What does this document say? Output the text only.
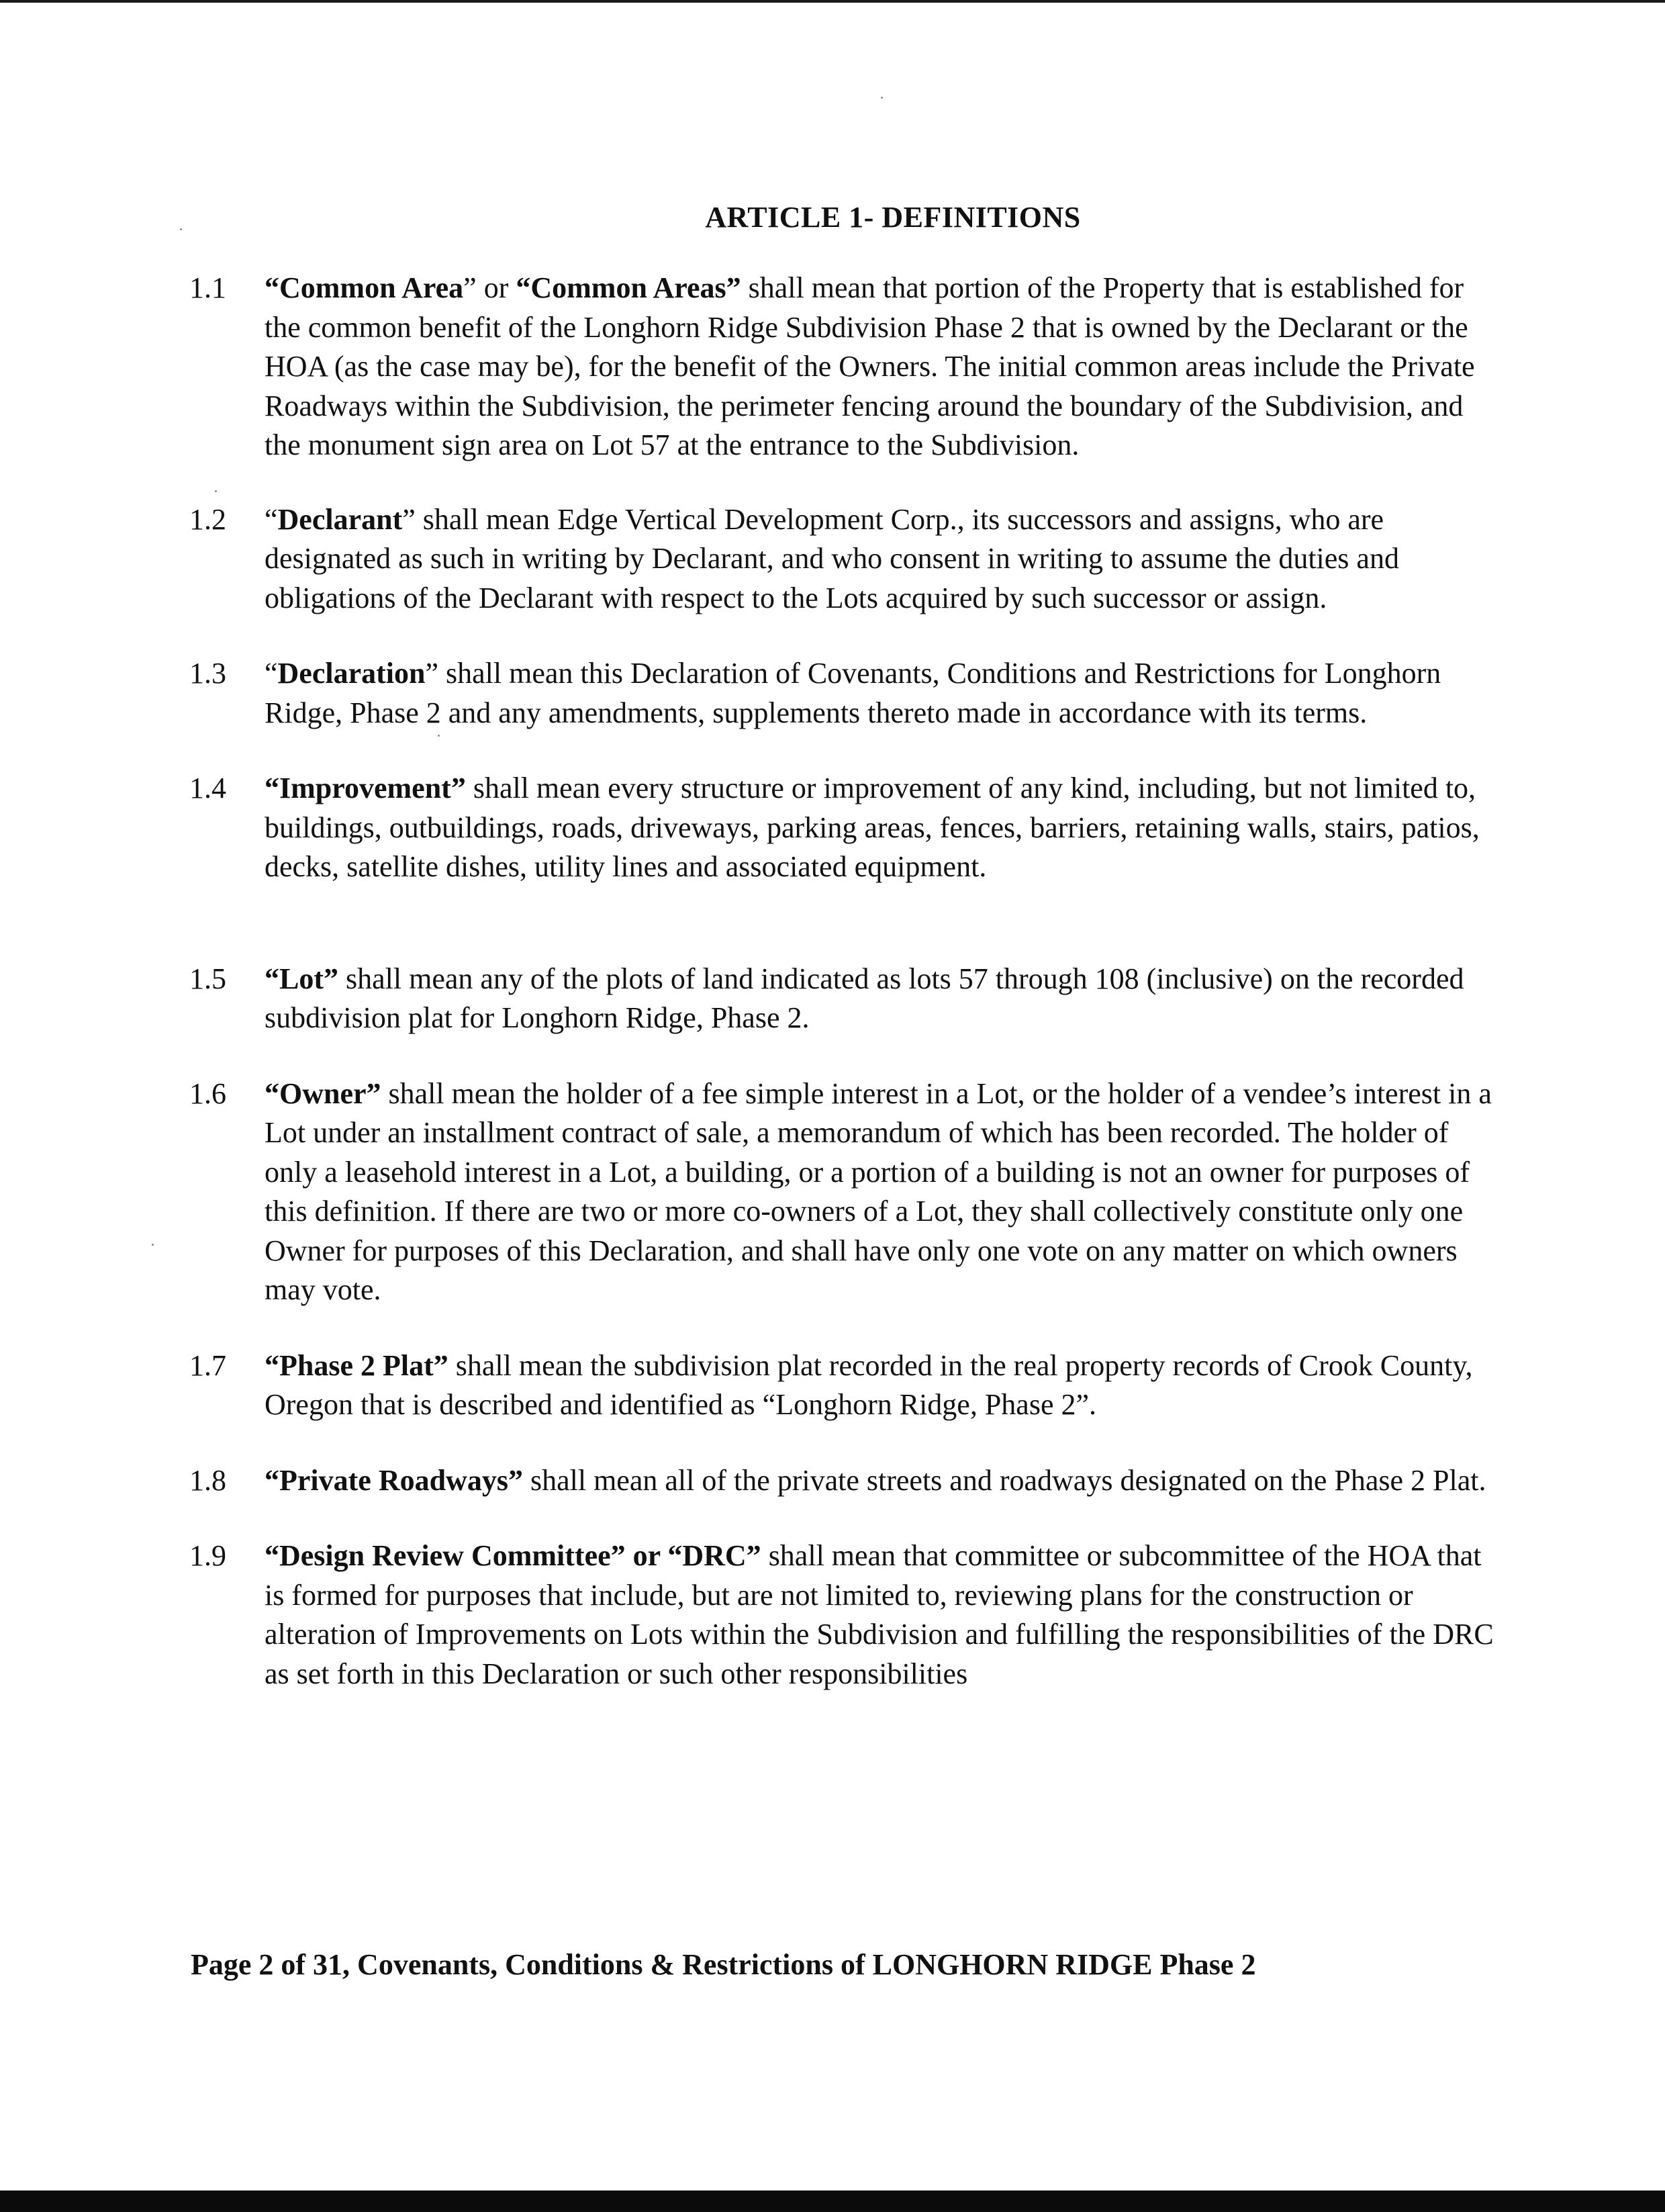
ARTICLE 1- DEFINITIONS
1.1	“Common Area” or “Common Areas” shall mean that portion of the Property that is established for the common benefit of the Longhorn Ridge Subdivision Phase 2 that is owned by the Declarant or the HOA (as the case may be), for the benefit of the Owners. The initial common areas include the Private Roadways within the Subdivision, the perimeter fencing around the boundary of the Subdivision, and the monument sign area on Lot 57 at the entrance to the Subdivision.
1.2	“Declarant” shall mean Edge Vertical Development Corp., its successors and assigns, who are designated as such in writing by Declarant, and who consent in writing to assume the duties and obligations of the Declarant with respect to the Lots acquired by such successor or assign.
1.3	“Declaration” shall mean this Declaration of Covenants, Conditions and Restrictions for Longhorn Ridge, Phase 2 and any amendments, supplements thereto made in accordance with its terms.
1.4	“Improvement” shall mean every structure or improvement of any kind, including, but not limited to, buildings, outbuildings, roads, driveways, parking areas, fences, barriers, retaining walls, stairs, patios, decks, satellite dishes, utility lines and associated equipment.
1.5	“Lot” shall mean any of the plots of land indicated as lots 57 through 108 (inclusive) on the recorded subdivision plat for Longhorn Ridge, Phase 2.
1.6	“Owner” shall mean the holder of a fee simple interest in a Lot, or the holder of a vendee’s interest in a Lot under an installment contract of sale, a memorandum of which has been recorded. The holder of only a leasehold interest in a Lot, a building, or a portion of a building is not an owner for purposes of this definition. If there are two or more co-owners of a Lot, they shall collectively constitute only one Owner for purposes of this Declaration, and shall have only one vote on any matter on which owners may vote.
1.7	“Phase 2 Plat” shall mean the subdivision plat recorded in the real property records of Crook County, Oregon that is described and identified as “Longhorn Ridge, Phase 2”.
1.8	“Private Roadways” shall mean all of the private streets and roadways designated on the Phase 2 Plat.
1.9	“Design Review Committee” or “DRC” shall mean that committee or subcommittee of the HOA that is formed for purposes that include, but are not limited to, reviewing plans for the construction or alteration of Improvements on Lots within the Subdivision and fulfilling the responsibilities of the DRC as set forth in this Declaration or such other responsibilities
Page 2 of 31, Covenants, Conditions & Restrictions of LONGHORN RIDGE Phase 2
